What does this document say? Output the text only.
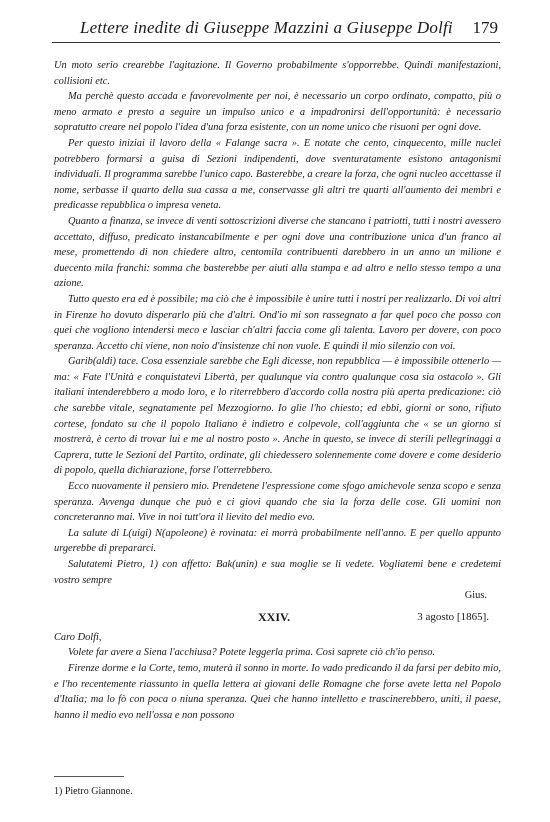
Lettere inedite di Giuseppe Mazzini a Giuseppe Dolfi 179

Un moto serio crearebbe l'agitazione. Il Governo probabilmente s'opporrebbe. Quindi manifestazioni, collisioni etc.

Ma perchè questo accada e favorevolmente per noi, è necessario un corpo ordinato, compatto, più o meno armato e presto a seguire un impulso unico e a impadronirsi dell'opportunità: è necessario sopratutto creare nel popolo l'idea d'una forza esistente, con un nome unico che risuoni per ogni dove.

Per questo iniziai il lavoro della « Falange sacra ». E notate che cento, cinquecento, mille nuclei potrebbero formarsi a guisa di Sezioni indipendenti, dove sventuratamente esistono antagonismi individuali. Il programma sarebbe l'unico capo. Basterebbe, a creare la forza, che ogni nucleo accettasse il nome, serbasse il quarto della sua cassa a me, conservasse gli altri tre quarti all'aumento dei membri e predicasse repubblica o impresa veneta.

Quanto a finanza, se invece di venti sottoscrizioni diverse che stancano i patriotti, tutti i nostri avessero accettato, diffuso, predicato instancabilmente e per ogni dove una contribuzione unica d'un franco al mese, promettendo di non chiedere altro, centomila contribuenti darebbero in un anno un milione e duecento mila franchi: somma che basterebbe per aiuti alla stampa e ad altro e nello stesso tempo a una azione.

Tutto questo era ed è possibile; ma ciò che è impossibile è unire tutti i nostri per realizzarlo. Di voi altri in Firenze ho dovuto disperarlo più che d'altri. Ond'io mi son rassegnato a far quel poco che posso con quei che vogliono intendersi meco e lasciar ch'altri faccia come gli talenta. Lavoro per dovere, con poco speranza. Accetto chi viene, non noio d'insistenze chi non vuole. E quindi il mio silenzio con voi.

Garib(aldi) tace. Cosa essenziale sarebbe che Egli dicesse, non repubblica — è impossibile ottenerlo — ma: « Fate l'Unità e conquistatevi Libertà, per qualunque via contro qualunque cosa sia ostacolo ». Gli italiani intenderebbero a modo loro, e lo riterrebbero d'accordo colla nostra più aperta predicazione: ciò che sarebbe vitale, segnatamente pel Mezzogiorno. Io glie l'ho chiesto; ed ebbi, giorni or sono, rifiuto cortese, fondato su che il popolo Italiano è indietro e colpevole, coll'aggiunta che « se un giorno si mostrerà, è certo di trovar lui e me al nostro posto ». Anche in questo, se invece di sterili pellegrinaggi a Caprera, tutte le Sezioni del Partito, ordinate, gli chiedessero solennemente come dovere e come desiderio di popolo, quella dichiarazione, forse l'otterrebbero.

Ecco nuovamente il pensiero mio. Prendetene l'espressione come sfogo amichevole senza scopo e senza speranza. Avvenga dunque che può e ci giovi quando che sia la forza delle cose. Gli uomini non concreteranno mai. Vive in noi tutt'ora il lievito del medio evo.

La salute di L(uigi) N(apoleone) è rovinata: ei morrà probabilmente nell'anno. E per quello appunto urgerebbe di prepararci.

Salutatemi Pietro, 1) con affetto: Bak(unin) e sua moglie se li vedete. Vogliatemi bene e credetemi vostro sempre

Gius.

XXIV.	3 agosto [1865].

Caro Dolfi,

Volete far avere a Siena l'acchiusa? Potete leggerla prima. Così saprete ciò ch'io penso.

Firenze dorme e la Corte, temo, muterà il sonno in morte. Io vado predicando il da farsi per debito mio, e l'ho recentemente riassunto in quella lettera ai giovani delle Romagne che forse avete letta nel Popolo d'Italia; ma lo fò con poca o niuna speranza. Quei che hanno intelletto e trascinerebbero, uniti, il paese, hanno il medio evo nell'ossa e non possono

1) Pietro Giannone.
